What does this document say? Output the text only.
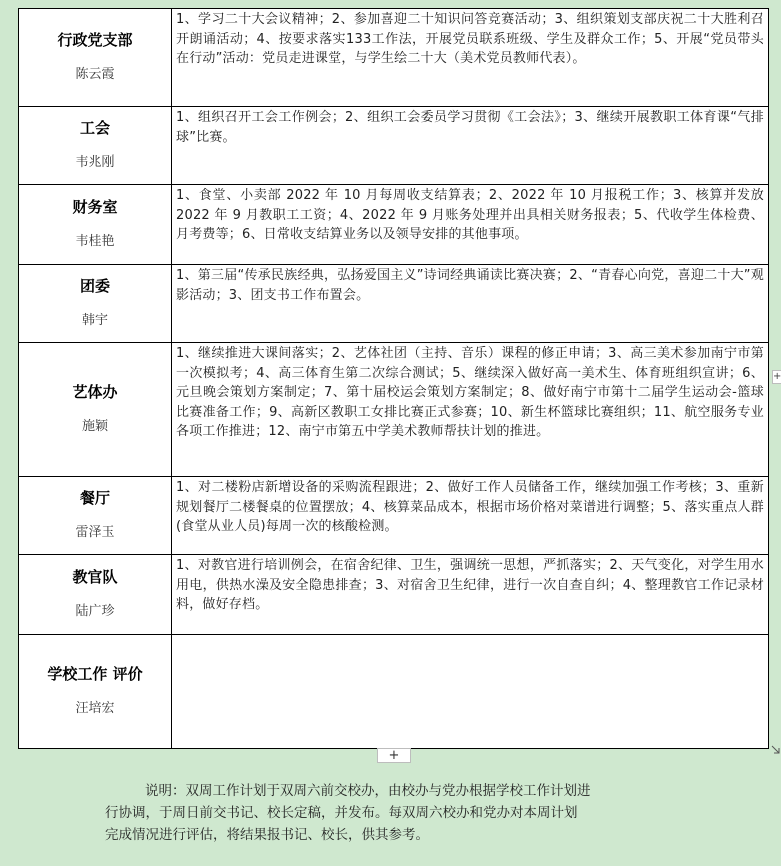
行政党支部
陈云霞	1、学习二十大会议精神；2、参加喜迎二十知识问答竞赛活动；3、组织策划支部庆祝二十大胜利召开朗诵活动；4、按要求落实133工作法，开展党员联系班级、学生及群众工作；5、开展“党员带头在行动”活动：党员走进课堂，与学生绘二十大（美术党员教师代表）。

工会
韦兆刚	1、组织召开工会工作例会；2、组织工会委员学习贯彻《工会法》；3、继续开展教职工体育课“气排球”比赛。

财务室
韦桂艳	1、食堂、小卖部 2022 年 10 月每周收支结算表；2、2022 年 10 月报税工作；3、核算并发放 2022 年 9 月教职工工资；4、2022 年 9 月账务处理并出具相关财务报表；5、代收学生体检费、月考费等；6、日常收支结算业务以及领导安排的其他事项。

团委
韩宇	1、第三届“传承民族经典，弘扬爱国主义”诗词经典诵读比赛决赛；2、“青春心向党，喜迎二十大”观影活动；3、团支书工作布置会。

艺体办
施颖	1、继续推进大课间落实；2、艺体社团（主持、音乐）课程的修正申请；3、高三美术参加南宁市第一次模拟考；4、高三体育生第二次综合测试；5、继续深入做好高一美术生、体育班组织宣讲；6、元旦晚会策划方案制定；7、第十届校运会策划方案制定；8、做好南宁市第十二届学生运动会-篮球比赛准备工作；9、高新区教职工女排比赛正式参赛；10、新生杯篮球比赛组织；11、航空服务专业各项工作推进；12、南宁市第五中学美术教师帮扶计划的推进。

餐厅
雷泽玉	1、对二楼粉店新增设备的采购流程跟进；2、做好工作人员储备工作，继续加强工作考核；3、重新规划餐厅二楼餐桌的位置摆放；4、核算菜品成本，根据市场价格对菜谱进行调整；5、落实重点人群(食堂从业人员)每周一次的核酸检测。

教官队
陆广珍	1、对教官进行培训例会，在宿舍纪律、卫生，强调统一思想，严抓落实；2、天气变化，对学生用水用电，供热水澡及安全隐患排查；3、对宿舍卫生纪律，进行一次自查自纠；4、整理教官工作记录材料，做好存档。

学校工作 评价
汪培宏	

+
+

说明：双周工作计划于双周六前交校办，由校办与党办根据学校工作计划进

行协调，于周日前交书记、校长定稿，并发布。每双周六校办和党办对本周计划

完成情况进行评估，将结果报书记、校长，供其参考。
